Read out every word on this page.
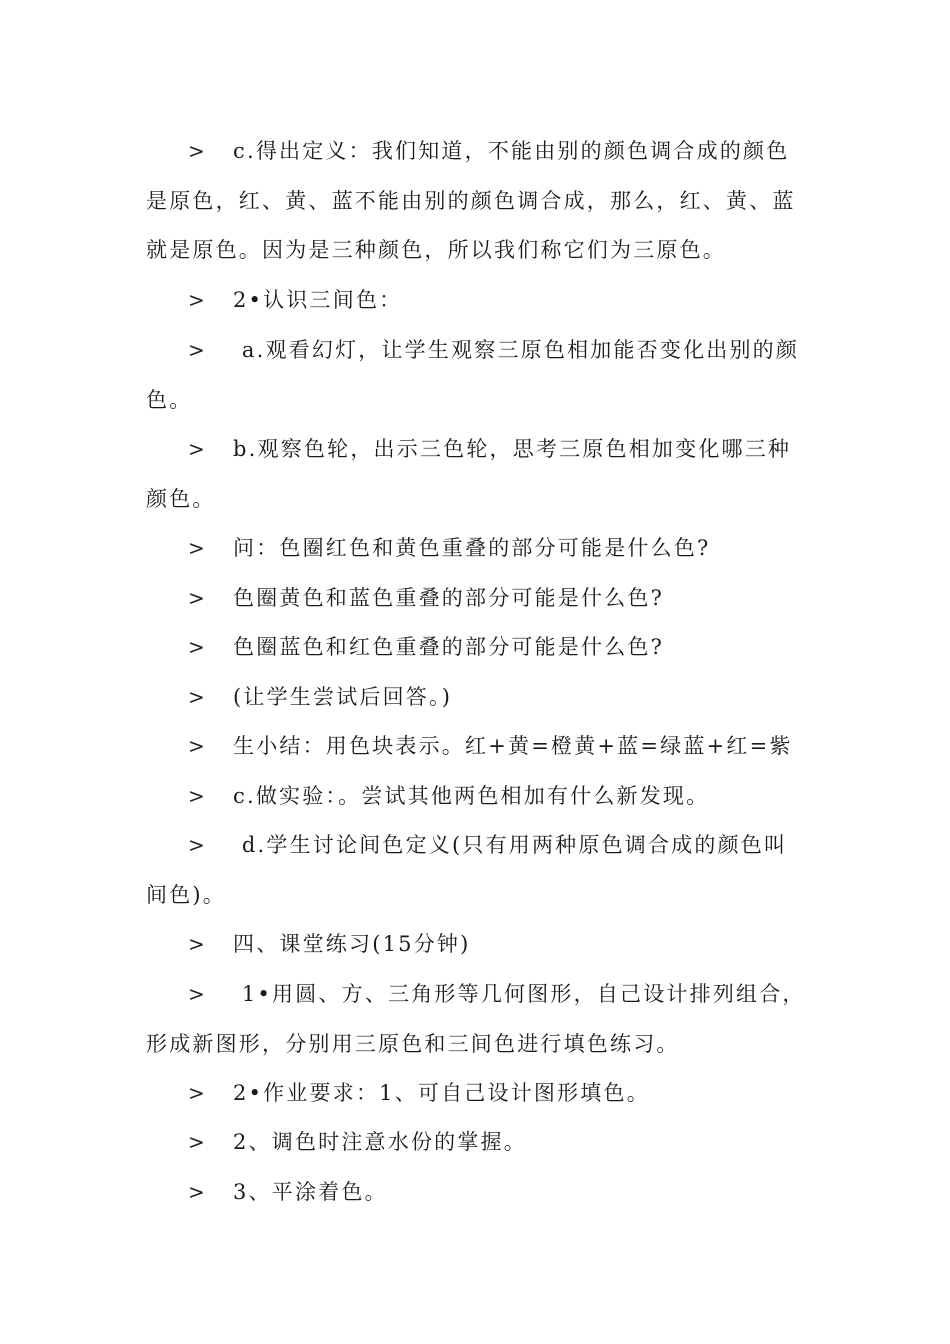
> c.得出定义：我们知道，不能由别的颜色调合成的颜色是原色，红、黄、蓝不能由别的颜色调合成，那么，红、黄、蓝就是原色。因为是三种颜色，所以我们称它们为三原色。
> 2•认识三间色：
> a.观看幻灯，让学生观察三原色相加能否变化出别的颜色。
> b.观察色轮，出示三色轮，思考三原色相加变化哪三种颜色。
> 问：色圈红色和黄色重叠的部分可能是什么色?
> 色圈黄色和蓝色重叠的部分可能是什么色?
> 色圈蓝色和红色重叠的部分可能是什么色?
> (让学生尝试后回答。)
> 生小结：用色块表示。红+黄=橙黄+蓝=绿蓝+红=紫
> c.做实验：。尝试其他两色相加有什么新发现。
> d.学生讨论间色定义(只有用两种原色调合成的颜色叫间色)。
> 四、课堂练习(15分钟)
> 1•用圆、方、三角形等几何图形，自己设计排列组合，形成新图形，分别用三原色和三间色进行填色练习。
> 2•作业要求：1、可自己设计图形填色。
> 2、调色时注意水份的掌握。
> 3、平涂着色。
